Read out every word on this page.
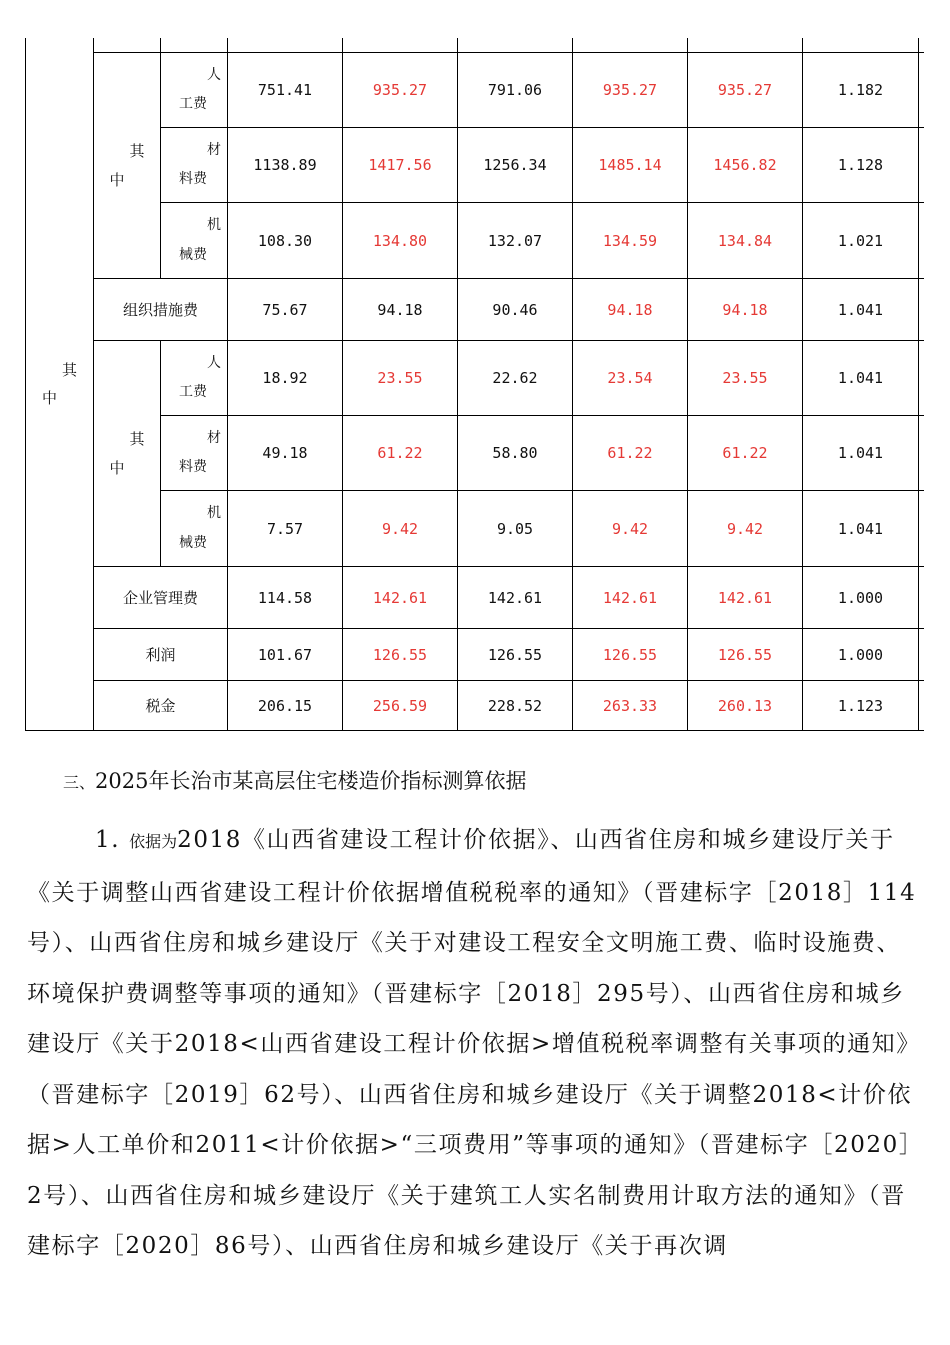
其
中									

	其
中	人
工费	751.41	935.27	791.06	935.27	935.27	1.182	

		材
料费	1138.89	1417.56	1256.34	1485.14	1456.82	1.128	

		机
械费	108.30	134.80	132.07	134.59	134.84	1.021	
	组织措施费		75.67	94.18	90.46	94.18	94.18	1.041	

	其
中	人
工费	18.92	23.55	22.62	23.54	23.55	1.041	

		材
料费	49.18	61.22	58.80	61.22	61.22	1.041	

		机
械费	7.57	9.42	9.05	9.42	9.42	1.041	
	企业管理费		114.58	142.61	142.61	142.61	142.61	1.000	
	利润		101.67	126.55	126.55	126.55	126.55	1.000	
	税金		206.15	256.59	228.52	263.33	260.13	1.123	
三、2025年长治市某高层住宅楼造价指标测算依据
1. 依据为2018《山西省建设工程计价依据》、山西省住房和城乡建设厅关于《关于调整山西省建设工程计价依据增值税税率的通知》（晋建标字［2018］114号）、山西省住房和城乡建设厅《关于对建设工程安全文明施工费、临时设施费、环境保护费调整等事项的通知》（晋建标字［2018］295号）、山西省住房和城乡建设厅《关于2018<山西省建设工程计价依据>增值税税率调整有关事项的通知》（晋建标字［2019］62号）、山西省住房和城乡建设厅《关于调整2018<计价依据>人工单价和2011<计价依据>“三项费用”等事项的通知》（晋建标字［2020］2号）、山西省住房和城乡建设厅《关于建筑工人实名制费用计取方法的通知》（晋建标字［2020］86号）、山西省住房和城乡建设厅《关于再次调
